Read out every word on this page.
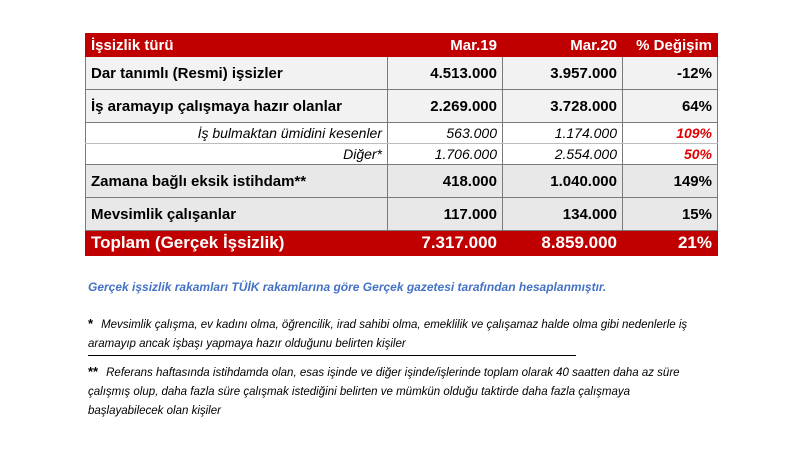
İşsizlik türü	Mar.19	Mar.20	% Değişim
Dar tanımlı (Resmi) işsizler	4.513.000	3.957.000	-12%
İş aramayıp çalışmaya hazır olanlar	2.269.000	3.728.000	64%
İş bulmaktan ümidini kesenler	563.000	1.174.000	109%
Diğer*	1.706.000	2.554.000	50%
Zamana bağlı eksik istihdam**	418.000	1.040.000	149%
Mevsimlik çalışanlar	117.000	134.000	15%
Toplam (Gerçek İşsizlik)	7.317.000	8.859.000	21%
Gerçek işsizlik rakamları TÜİK rakamlarına göre Gerçek gazetesi tarafından hesaplanmıştır.
* Mevsimlik çalışma, ev kadını olma, öğrencilik, irad sahibi olma, emeklilik ve çalışamaz halde olma gibi nedenlerle iş aramayıp ancak işbaşı yapmaya hazır olduğunu belirten kişiler
** Referans haftasında istihdamda olan, esas işinde ve diğer işinde/işlerinde toplam olarak 40 saatten daha az süre çalışmış olup, daha fazla süre çalışmak istediğini belirten ve mümkün olduğu taktirde daha fazla çalışmaya başlayabilecek olan kişiler
